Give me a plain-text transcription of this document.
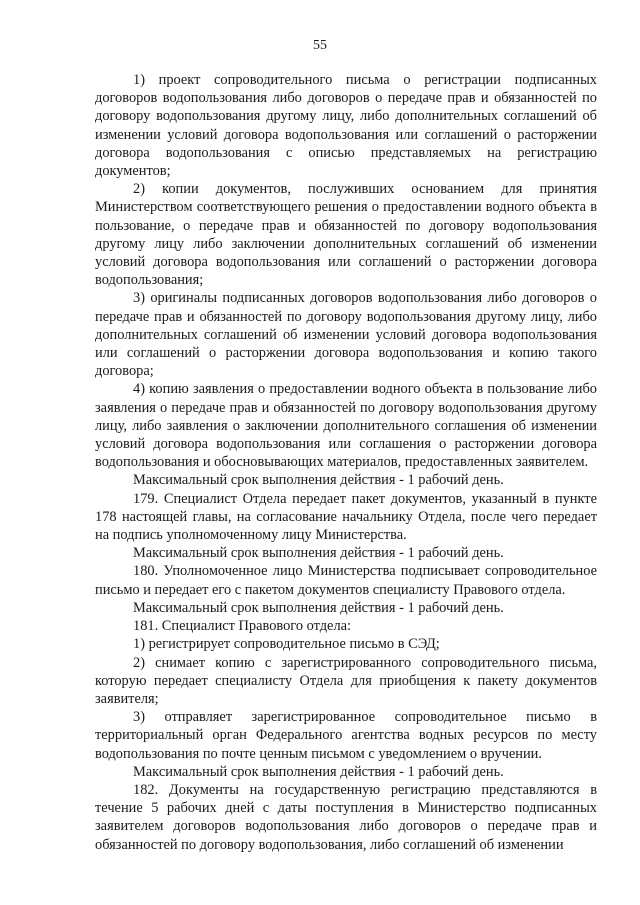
55

1) проект сопроводительного письма о регистрации подписанных договоров водопользования либо договоров о передаче прав и обязанностей по договору водопользования другому лицу, либо дополнительных соглашений об изменении условий договора водопользования или соглашений о расторжении договора водопользования с описью представляемых на регистрацию документов;

2) копии документов, послуживших основанием для принятия Министерством соответствующего решения о предоставлении водного объекта в пользование, о передаче прав и обязанностей по договору водопользования другому лицу либо заключении дополнительных соглашений об изменении условий договора водопользования или соглашений о расторжении договора водопользования;

3) оригиналы подписанных договоров водопользования либо договоров о передаче прав и обязанностей по договору водопользования другому лицу, либо дополнительных соглашений об изменении условий договора водопользования или соглашений о расторжении договора водопользования и копию такого договора;

4) копию заявления о предоставлении водного объекта в пользование либо заявления о передаче прав и обязанностей по договору водопользования другому лицу, либо заявления о заключении дополнительного соглашения об изменении условий договора водопользования или соглашения о расторжении договора водопользования и обосновывающих материалов, предоставленных заявителем.

Максимальный срок выполнения действия - 1 рабочий день.

179. Специалист Отдела передает пакет документов, указанный в пункте 178 настоящей главы, на согласование начальнику Отдела, после чего передает на подпись уполномоченному лицу Министерства.

Максимальный срок выполнения действия - 1 рабочий день.

180. Уполномоченное лицо Министерства подписывает сопроводительное письмо и передает его с пакетом документов специалисту Правового отдела.

Максимальный срок выполнения действия - 1 рабочий день.

181. Специалист Правового отдела:

1) регистрирует сопроводительное письмо в СЭД;

2) снимает копию с зарегистрированного сопроводительного письма, которую передает специалисту Отдела для приобщения к пакету документов заявителя;

3) отправляет зарегистрированное сопроводительное письмо в территориальный орган Федерального агентства водных ресурсов по месту водопользования по почте ценным письмом с уведомлением о вручении.

Максимальный срок выполнения действия - 1 рабочий день.

182. Документы на государственную регистрацию представляются в течение 5 рабочих дней с даты поступления в Министерство подписанных заявителем договоров водопользования либо договоров о передаче прав и обязанностей по договору водопользования, либо соглашений об изменении
